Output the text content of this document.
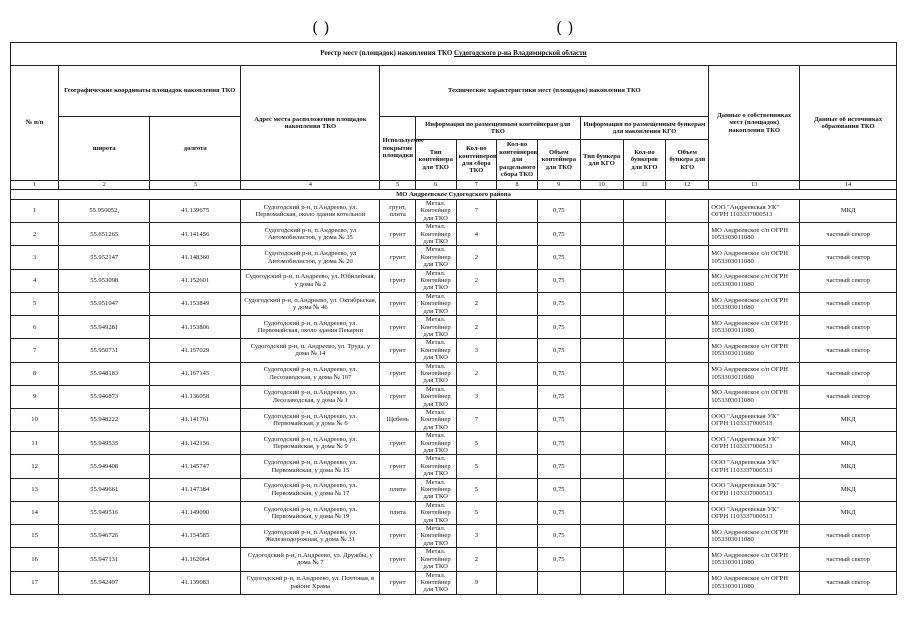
( )	( )
Реестр мест (площадок) накопления ТКО Судогодского р-на Владимирской области													
№ п/п	Географические координаты площадок накопления ТКО		Адрес места расположения площадок накопления ТКО	Технические характеристики мест (площадок) накопления ТКО								Данные о собственниках мест (площадок) накопления ТКО	Данные об источниках образования ТКО
	широта	долгота		Используемое покрытие площадки	Информация по размещенным контейнерам для ТКО				Информация по размещенным бункерам для накопления КГО				
					Тип контейнера для ТКО	Кол-во контейнеров для сбора ТКО	Кол-во контейнеров для раздельного сбора ТКО	Объем контейнера для ТКО	Тип бункера для КГО	Кол-во бункеров для КГО	Объем бункера для КГО		
1	2	3	4	5	6	7	8	9	10	11	12	13	14
МО Андреевское Судогодского района													
1	55.950052,	41.139675	Судогодский р-н, п.Андреево, ул. Первомайская, около здания котельной	грунт, плита	Метал. Контейнер для ТКО	7		0,75				ООО "Андреевская УК" ОГРН 1103337000513	МКД
2	55.651265	41.141456	Судогодский р-н, п.Андреево, ул Автомобилистов, у дома № 35	грунт	Метал. Контейнер для ТКО	4		0,75				МО Андреевское с/п ОГРН 1053303011080	частный сектор
3	55.952147	41.148360	Судогодский р-н, п.Андреево, ул Автомобилистов, у дома № 20	грунт	Метал. Контейнер для ТКО	2		0,75				МО Андреевское с/п ОГРН 1053303011080	частный сектор
4	55.953098	41.152601	Судогодский р-н, п.Андреево, ул. Юбилейная, у дома № 2	грунт	Метал. Контейнер для ТКО	2		0,75				МО Андреевское с/п ОГРН 1053303011080	частный сектор
5	55.951047	41.153849	Судогодский р-н, п.Андреево, ул. Октябрьская, у дома № 46	грунт	Метал. Контейнер для ТКО	2		0,75				МО Андреевское с/п ОГРН 1053303011080	частный сектор
6	55.949281	41.153806	Судогодский р-н, п.Андреево, ул. Первомайская, около здания Пекарни	грунт	Метал. Контейнер для ТКО	2		0,75				МО Андреевское с/п ОГРН 1053303011080	частный сектор
7	55.950731	41.157029	Судогодский р-н, п. Андреево, ул. Труда, у дома № 14	грунт	Метал. Контейнер для ТКО	3		0,75				МО Андреевское с/п ОГРН 1053303011080	частный сектор
8	55.948183	41.167145	Судогодский р-н, п.Андреево, ул. Лесозаводская, у дома № 107	грунт	Метал. Контейнер для ТКО	2		0,75				МО Андреевское с/п ОГРН 1053303011080	частный сектор
9	55.946873	41.136058	Судогодский р-н, п.Андреево, ул. Лесозаводская, у дома № 1	грунт	Метал. Контейнер для ТКО	3		0,75				МО Андреевское с/п ОГРН 1053303011080	частный сектор
10	55.948222	41.141761	Судогодский р-н, п.Андреево, ул. Первомайская, у дома № 6	Щебень	Метал. Контейнер для ТКО	7		0,75				ООО "Андреевская УК" ОГРН 1103337000513	МКД
11	55.949535	41.142156	Судогодский р-н, п.Андреево, ул. Первомайская, у дома № 9	грунт	Метал. Контейнер для ТКО	5		0,75				ООО "Андреевская УК" ОГРН 1103337000513	МКД
12	55.949408	41.145747	Судогодский р-н, п.Андреево, ул. Первомайская, у дома № 15	грунт	Метал. Контейнер для ТКО	5		0,75				ООО "Андреевская УК" ОГРН 1103337000513	МКД
13	55.949661	41.147384	Судогодский р-н, п.Андреево, ул. Первомайская, у дома № 17	плита	Метал. Контейнер для ТКО	5		0,75				ООО "Андреевская УК" ОГРН 1103337000513	МКД
14	55.949516	41.149090	Судогодский р-н, п.Андреево, ул. Первомайская, у дома № 19	плита	Метал. Контейнер для ТКО	5		0,75				ООО "Андреевская УК" ОГРН 1103337000513	МКД
15	55.946726	41.154585	Судогодский р-н, п.Андреево, ул. Железнодорожная, у дома № 31	грунт	Метал. Контейнер для ТКО	3		0,75				МО Андреевское с/п ОГРН 1053303011080	частный сектор
16	55.947131	41.162064	Судогодский р-н, п.Андреево, ул. Дружбы, у дома № 7	грунт	Метал. Контейнер для ТКО	2		0,75				МО Андреевское с/п ОГРН 1053303011080	частный сектор
17	55.942497	41.139083	Судогодский р-н, п.Андреево, ул. Почтовая, в районе Храма	грунт	Метал. Контейнер для ТКО	9						МО Андреевское с/п ОГРН 1053303011080	частный сектор
